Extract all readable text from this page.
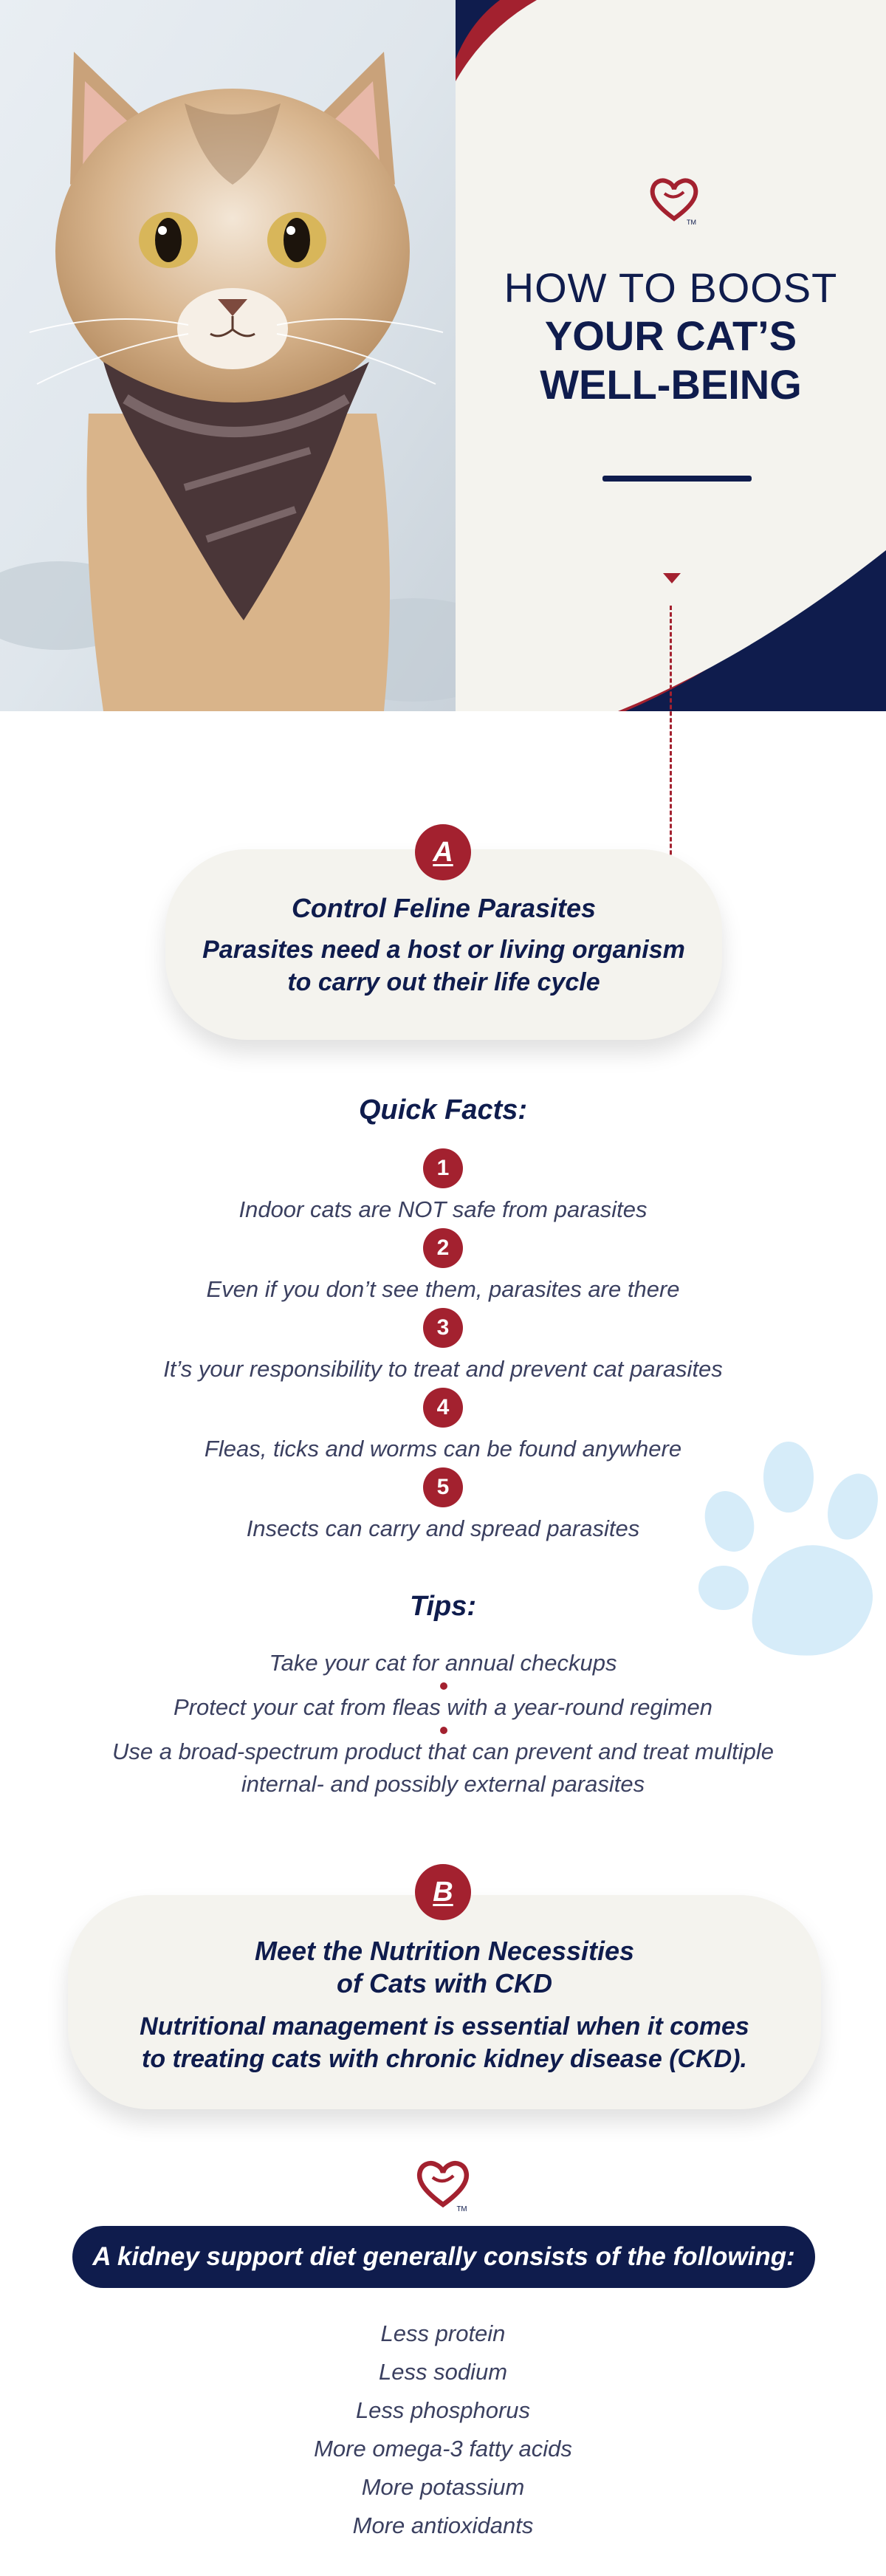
TM
HOW TO BOOST
YOUR CAT’S
WELL-BEING
Control Feline Parasites
Parasites need a host or living organism
to carry out their life cycle
A
Quick Facts:
1
Indoor cats are NOT safe from parasites
2
Even if you don’t see them, parasites are there
3
It’s your responsibility to treat and prevent cat parasites
4
Fleas, ticks and worms can be found anywhere
5
Insects can carry and spread parasites
Tips:
Take your cat for annual checkups
Protect your cat from fleas with a year-round regimen
Use a broad-spectrum product that can prevent and treat multiple
internal- and possibly external parasites
Meet the Nutrition Necessities
of Cats with CKD
Nutritional management is essential when it comes
to treating cats with chronic kidney disease (CKD).
B
TM
A kidney support diet generally consists of the following:
Less protein
Less sodium
Less phosphorus
More omega-3 fatty acids
More potassium
More antioxidants
